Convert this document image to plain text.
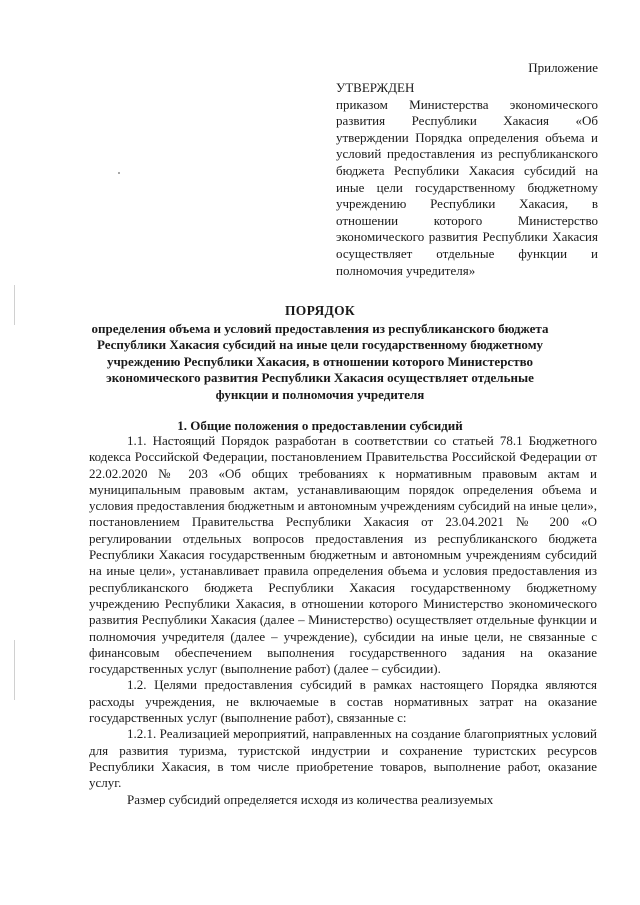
Приложение

УТВЕРЖДЕН

приказом Министерства экономического развития Республики Хакасия «Об утверждении Порядка определения объема и условий предоставления из республиканского бюджета Республики Хакасия субсидий на иные цели государственному бюджетному учреждению Республики Хакасия, в отношении которого Министерство экономического развития Республики Хакасия осуществляет отдельные функции и полномочия учредителя»

ПОРЯДОК
определения объема и условий предоставления из республиканского бюджета Республики Хакасия субсидий на иные цели государственному бюджетному учреждению Республики Хакасия, в отношении которого Министерство экономического развития Республики Хакасия осуществляет отдельные функции и полномочия учредителя
1. Общие положения о предоставлении субсидий

1.1. Настоящий Порядок разработан в соответствии со статьей 78.1 Бюджетного кодекса Российской Федерации, постановлением Правительства Российской Федерации от 22.02.2020 № 203 «Об общих требованиях к нормативным правовым актам и муниципальным правовым актам, устанавливающим порядок определения объема и условия предоставления бюджетным и автономным учреждениям субсидий на иные цели», постановлением Правительства Республики Хакасия от 23.04.2021 № 200 «О регулировании отдельных вопросов предоставления из республиканского бюджета Республики Хакасия государственным бюджетным и автономным учреждениям субсидий на иные цели», устанавливает правила определения объема и условия предоставления из республиканского бюджета Республики Хакасия государственному бюджетному учреждению Республики Хакасия, в отношении которого Министерство экономического развития Республики Хакасия (далее – Министерство) осуществляет отдельные функции и полномочия учредителя (далее – учреждение), субсидии на иные цели, не связанные с финансовым обеспечением выполнения государственного задания на оказание государственных услуг (выполнение работ) (далее – субсидии).

1.2. Целями предоставления субсидий в рамках настоящего Порядка являются расходы учреждения, не включаемые в состав нормативных затрат на оказание государственных услуг (выполнение работ), связанные с:

1.2.1. Реализацией мероприятий, направленных на создание благоприятных условий для развития туризма, туристской индустрии и сохранение туристских ресурсов Республики Хакасия, в том числе приобретение товаров, выполнение работ, оказание услуг.

Размер субсидий определяется исходя из количества реализуемых
